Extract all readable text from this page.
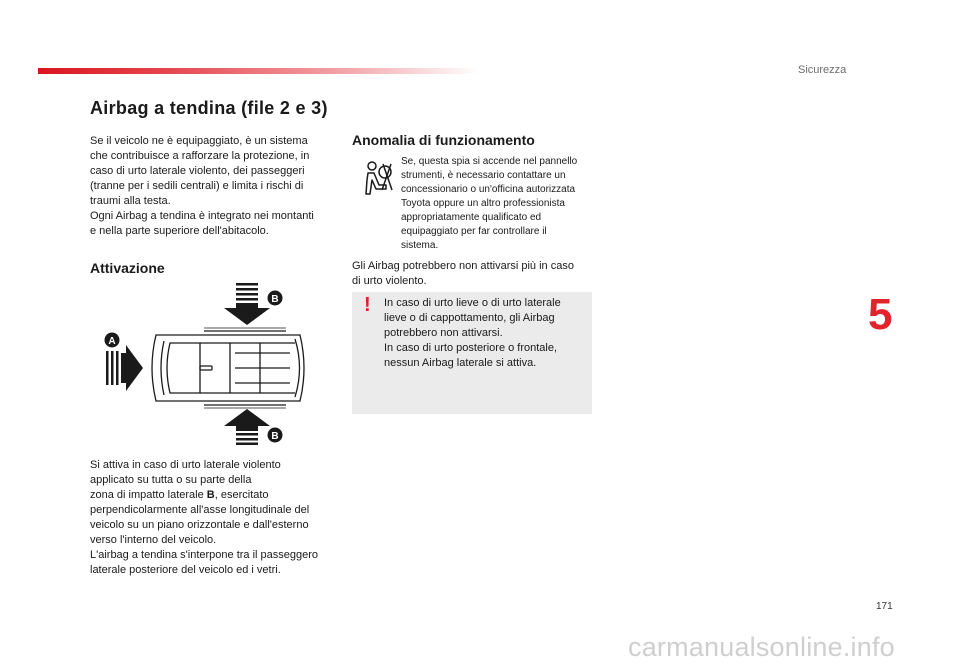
Sicurezza
Airbag a tendina (file 2 e 3)

Se il veicolo ne è equipaggiato, è un sistema
che contribuisce a rafforzare la protezione, in
caso di urto laterale violento, dei passeggeri
(tranne per i sedili centrali) e limita i rischi di
traumi alla testa.
Ogni Airbag a tendina è integrato nei montanti
e nella parte superiore dell'abitacolo.

Attivazione
B
A
B

Si attiva in caso di urto laterale violento
applicato su tutta o su parte della
zona di impatto laterale B, esercitato
perpendicolarmente all'asse longitudinale del
veicolo su un piano orizzontale e dall'esterno
verso l'interno del veicolo.
L'airbag a tendina s'interpone tra il passeggero
laterale posteriore del veicolo ed i vetri.

Anomalia di funzionamento

Se, questa spia si accende nel pannello
strumenti, è necessario contattare un
concessionario o un'officina autorizzata
Toyota oppure un altro professionista
appropriatamente qualificato ed
equipaggiato per far controllare il
sistema.

Gli Airbag potrebbero non attivarsi più in caso
di urto violento.

! In caso di urto lieve o di urto laterale
lieve o di cappottamento, gli Airbag
potrebbero non attivarsi.
In caso di urto posteriore o frontale,
nessun Airbag laterale si attiva.

5
171
carmanualsonline.info
